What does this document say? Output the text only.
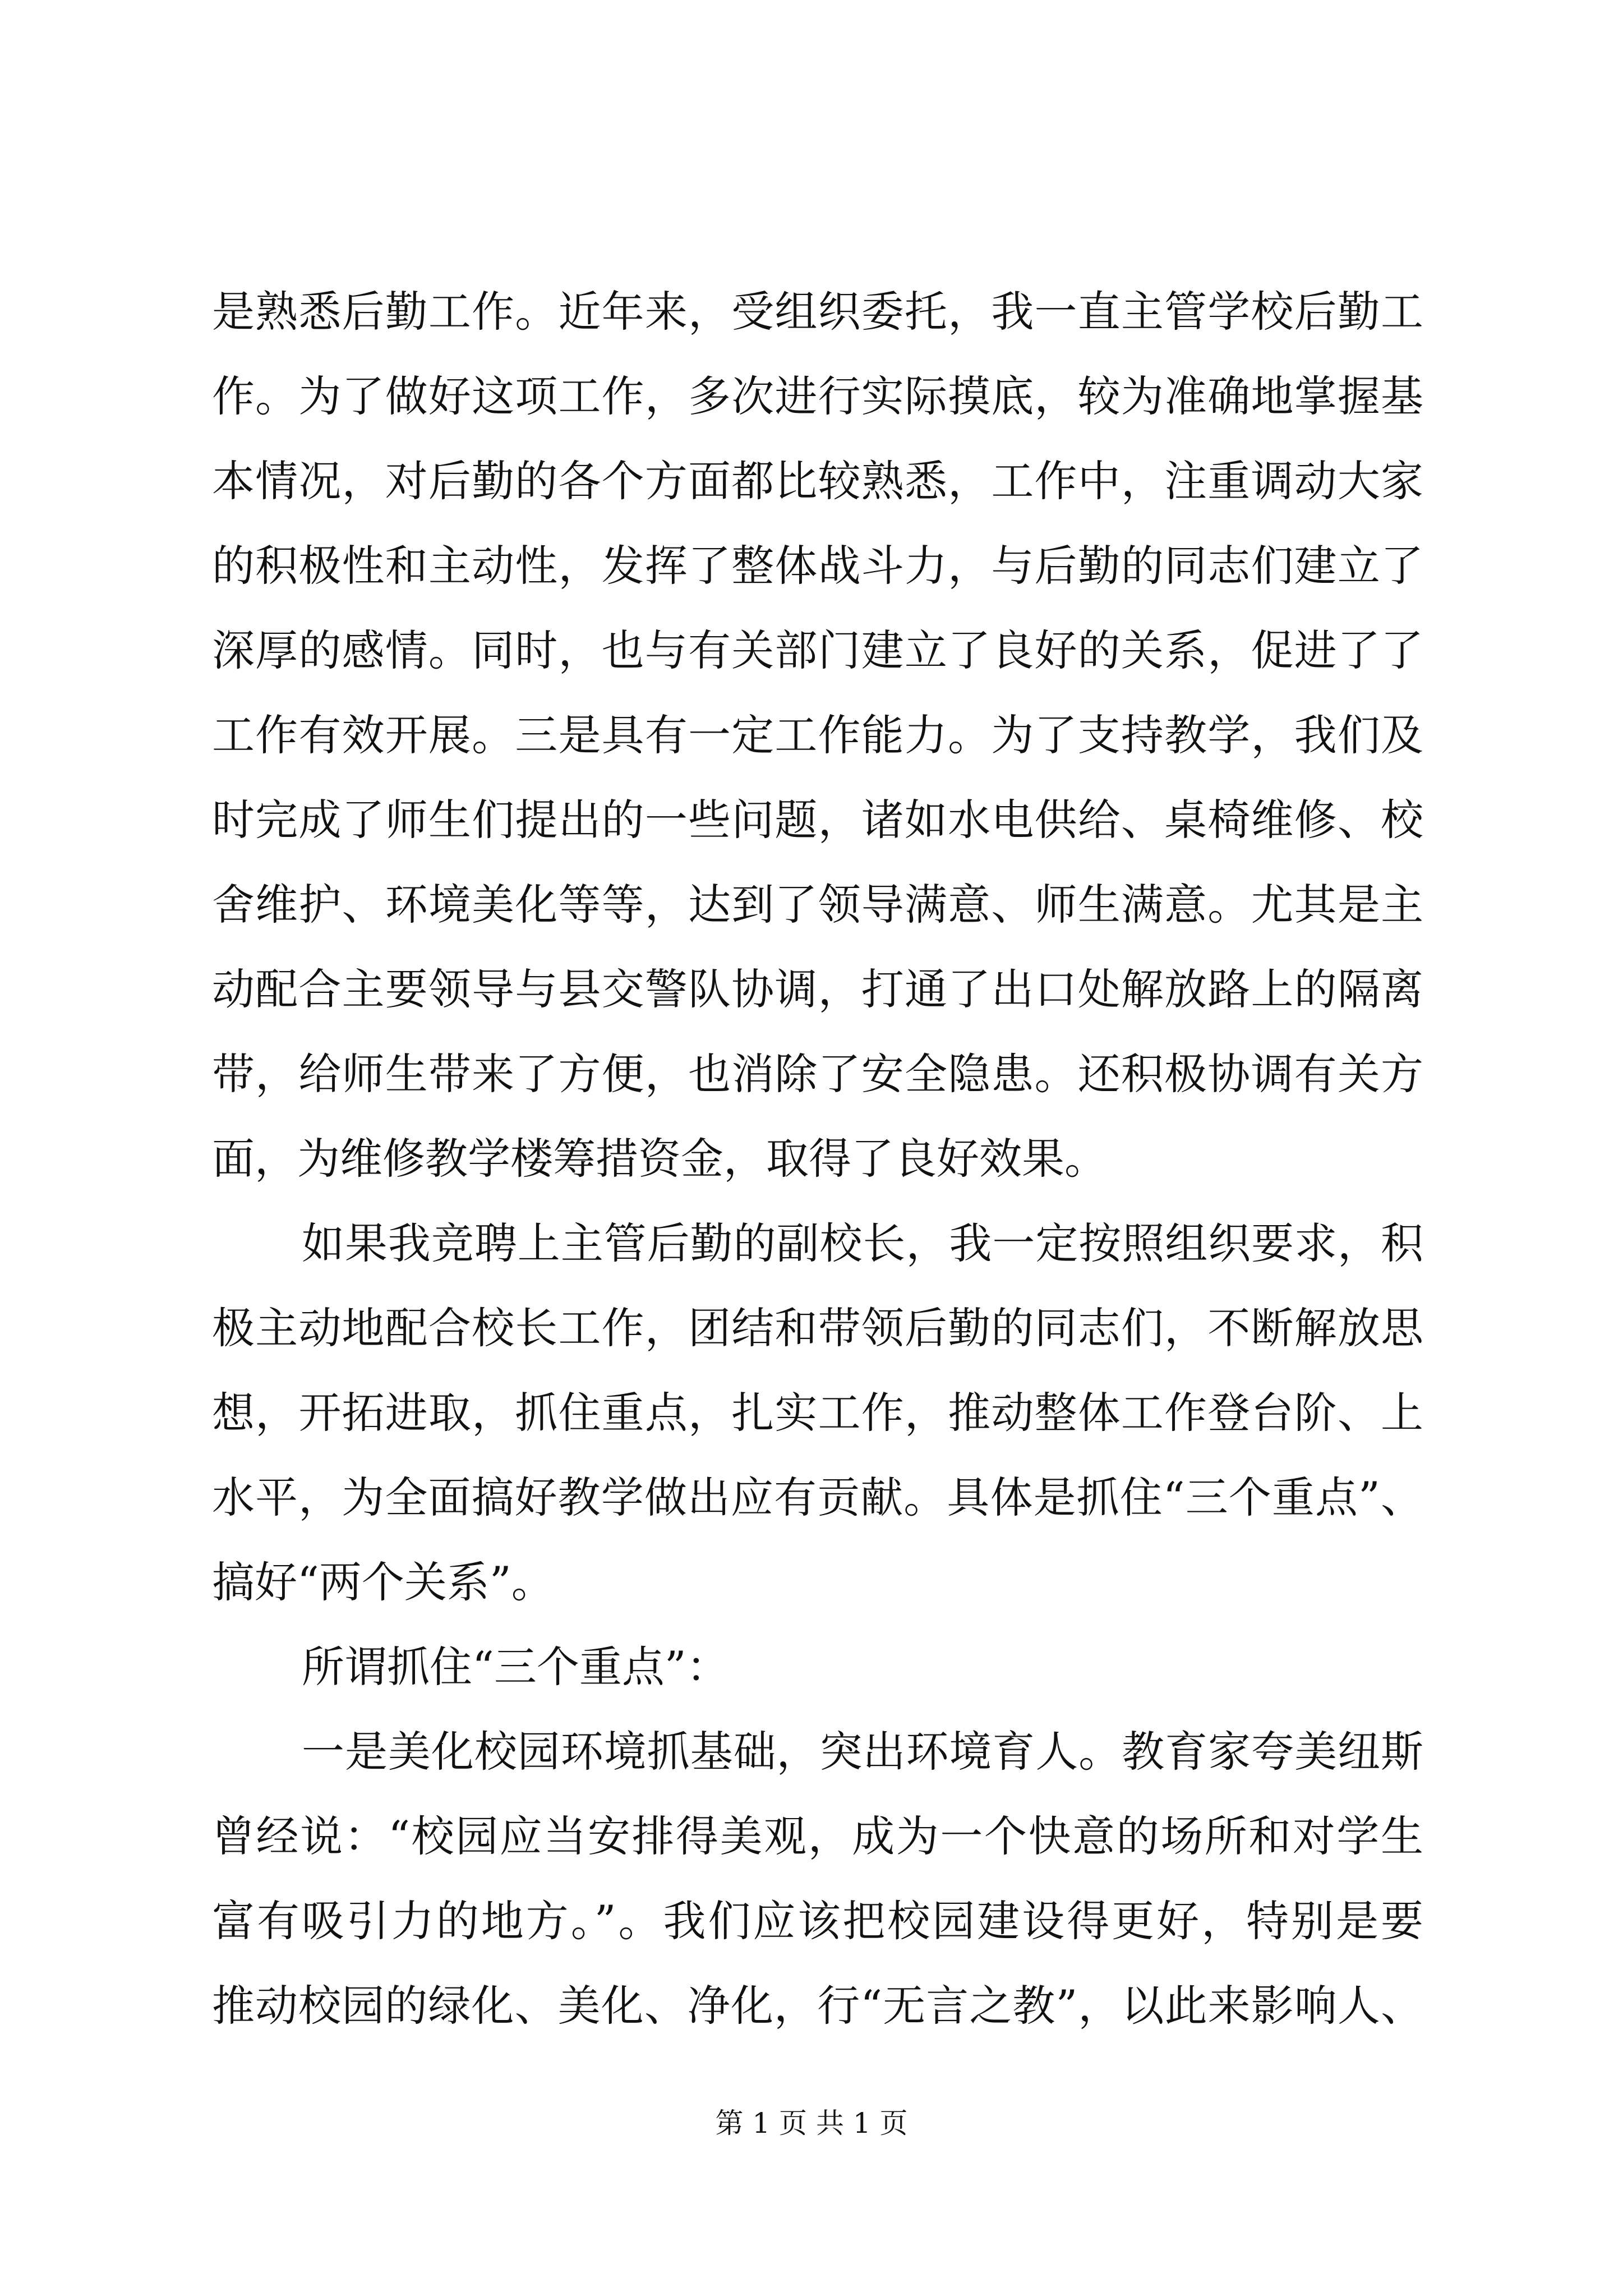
是熟悉后勤工作。近年来，受组织委托，我一直主管学校后勤工
作。为了做好这项工作，多次进行实际摸底，较为准确地掌握基
本情况，对后勤的各个方面都比较熟悉，工作中，注重调动大家
的积极性和主动性，发挥了整体战斗力，与后勤的同志们建立了
深厚的感情。同时，也与有关部门建立了良好的关系，促进了了
工作有效开展。三是具有一定工作能力。为了支持教学，我们及
时完成了师生们提出的一些问题，诸如水电供给、桌椅维修、校
舍维护、环境美化等等，达到了领导满意、师生满意。尤其是主
动配合主要领导与县交警队协调，打通了出口处解放路上的隔离
带，给师生带来了方便，也消除了安全隐患。还积极协调有关方
面，为维修教学楼筹措资金，取得了良好效果。
如果我竞聘上主管后勤的副校长，我一定按照组织要求，积
极主动地配合校长工作，团结和带领后勤的同志们，不断解放思
想，开拓进取，抓住重点，扎实工作，推动整体工作登台阶、上
水平，为全面搞好教学做出应有贡献。具体是抓住“三个重点”、
搞好“两个关系”。
所谓抓住“三个重点”：
一是美化校园环境抓基础，突出环境育人。教育家夸美纽斯
曾经说：“校园应当安排得美观，成为一个快意的场所和对学生
富有吸引力的地方。”。我们应该把校园建设得更好，特别是要
推动校园的绿化、美化、净化，行“无言之教”，以此来影响人、
第 1 页 共 1 页
